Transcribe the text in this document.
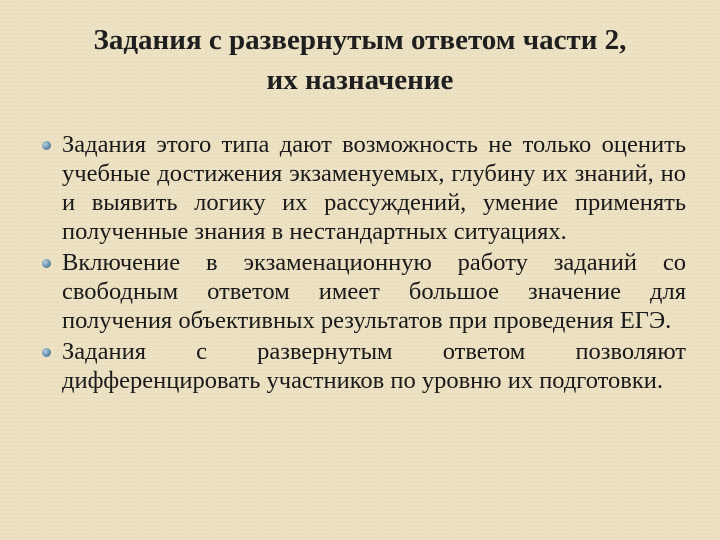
Задания с развернутым ответом части 2,
их назначение

Задания этого типа дают возможность не только оценить учебные достижения экзаменуемых, глубину их знаний, но и выявить логику их рассуждений, умение применять полученные знания в нестандартных ситуациях.

Включение в экзаменационную работу заданий со свободным ответом имеет большое значение для получения объективных результатов при проведения ЕГЭ.

Задания с развернутым ответом позволяют дифференцировать участников по уровню их подготовки.
